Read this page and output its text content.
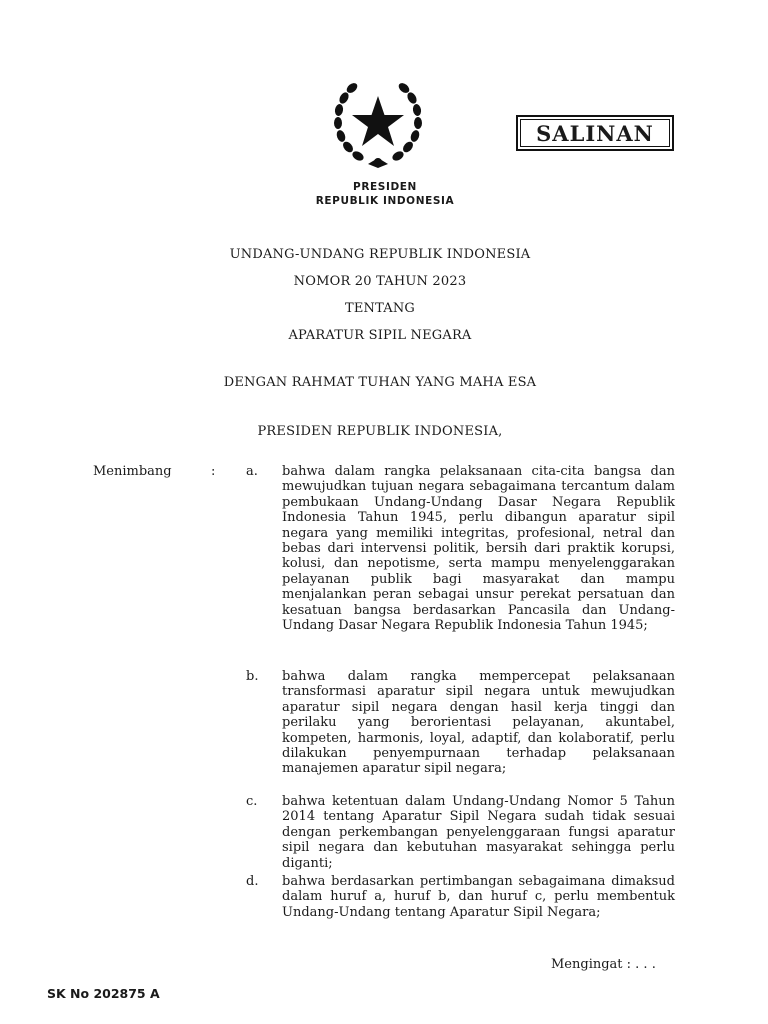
SALINAN
PRESIDEN
REPUBLIK INDONESIA
UNDANG-UNDANG REPUBLIK INDONESIA
NOMOR 20 TAHUN 2023
TENTANG
APARATUR SIPIL NEGARA
DENGAN RAHMAT TUHAN YANG MAHA ESA
PRESIDEN REPUBLIK INDONESIA,
Menimbang	: a. bahwa dalam rangka pelaksanaan cita-cita bangsa dan mewujudkan tujuan negara sebagaimana tercantum dalam pembukaan Undang-Undang Dasar Negara Republik Indonesia Tahun 1945, perlu dibangun aparatur sipil negara yang memiliki integritas, profesional, netral dan bebas dari intervensi politik, bersih dari praktik korupsi, kolusi, dan nepotisme, serta mampu menyelenggarakan pelayanan publik bagi masyarakat dan mampu menjalankan peran sebagai unsur perekat persatuan dan kesatuan bangsa berdasarkan Pancasila dan Undang-Undang Dasar Negara Republik Indonesia Tahun 1945;
b. bahwa dalam rangka mempercepat pelaksanaan transformasi aparatur sipil negara untuk mewujudkan aparatur sipil negara dengan hasil kerja tinggi dan perilaku yang berorientasi pelayanan, akuntabel, kompeten, harmonis, loyal, adaptif, dan kolaboratif, perlu dilakukan penyempurnaan terhadap pelaksanaan manajemen aparatur sipil negara;
c. bahwa ketentuan dalam Undang-Undang Nomor 5 Tahun 2014 tentang Aparatur Sipil Negara sudah tidak sesuai dengan perkembangan penyelenggaraan fungsi aparatur sipil negara dan kebutuhan masyarakat sehingga perlu diganti;
d. bahwa berdasarkan pertimbangan sebagaimana dimaksud dalam huruf a, huruf b, dan huruf c, perlu membentuk Undang-Undang tentang Aparatur Sipil Negara;
Mengingat : . . .
SK No 202875 A
